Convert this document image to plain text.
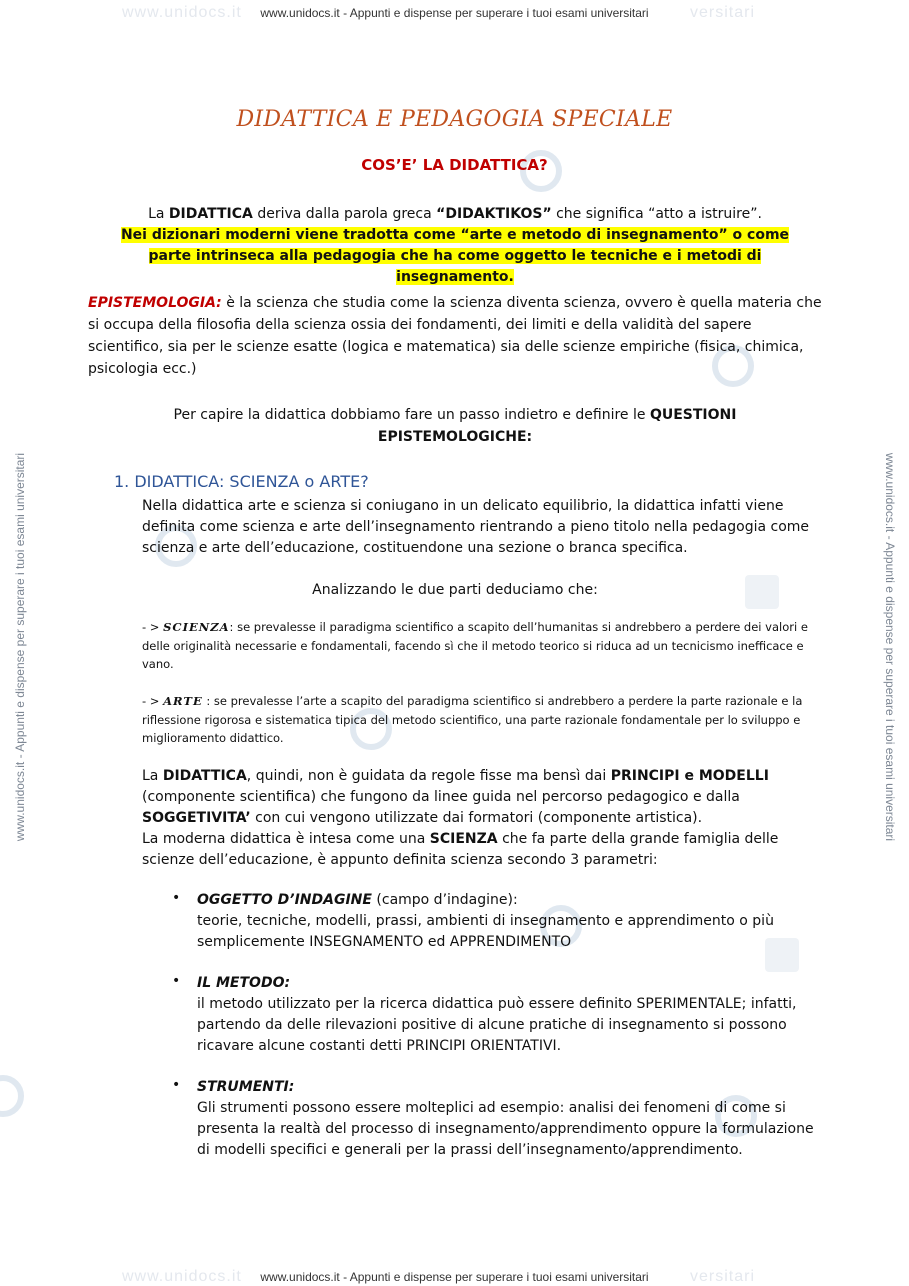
www.unidocs.it	versitari
www.unidocs.it - Appunti e dispense per superare i tuoi esami universitari
www.unidocs.it - Appunti e dispense per superare i tuoi esami universitari	www.unidocs.it - Appunti e dispense per superare i tuoi esami universitari
www.unidocs.it	versitari
www.unidocs.it - Appunti e dispense per superare i tuoi esami universitari
DIDATTICA E PEDAGOGIA SPECIALE
COS’E’ LA DIDATTICA?
La DIDATTICA deriva dalla parola greca “DIDAKTIKOS” che significa “atto a istruire”.
Nei dizionari moderni viene tradotta come “arte e metodo di insegnamento” o come parte intrinseca alla pedagogia che ha come oggetto le tecniche e i metodi di insegnamento.
EPISTEMOLOGIA: è la scienza che studia come la scienza diventa scienza, ovvero è quella materia che si occupa della filosofia della scienza ossia dei fondamenti, dei limiti e della validità del sapere scientifico, sia per le scienze esatte (logica e matematica) sia delle scienze empiriche (fisica, chimica, psicologia ecc.)
Per capire la didattica dobbiamo fare un passo indietro e definire le QUESTIONI EPISTEMOLOGICHE:
1. DIDATTICA: SCIENZA o ARTE?
Nella didattica arte e scienza si coniugano in un delicato equilibrio, la didattica infatti viene definita come scienza e arte dell’insegnamento rientrando a pieno titolo nella pedagogia come scienza e arte dell’educazione, costituendone una sezione o branca specifica.
Analizzando le due parti deduciamo che:
- > SCIENZA: se prevalesse il paradigma scientifico a scapito dell’humanitas si andrebbero a perdere dei valori e delle originalità necessarie e fondamentali, facendo sì che il metodo teorico si riduca ad un tecnicismo inefficace e vano.
- > ARTE : se prevalesse l’arte a scapito del paradigma scientifico si andrebbero a perdere la parte razionale e la riflessione rigorosa e sistematica tipica del metodo scientifico, una parte razionale fondamentale per lo sviluppo e miglioramento didattico.
La DIDATTICA, quindi, non è guidata da regole fisse ma bensì dai PRINCIPI e MODELLI (componente scientifica) che fungono da linee guida nel percorso pedagogico e dalla SOGGETIVITA’ con cui vengono utilizzate dai formatori (componente artistica).
La moderna didattica è intesa come una SCIENZA che fa parte della grande famiglia delle scienze dell’educazione, è appunto definita scienza secondo 3 parametri:
• OGGETTO D’INDAGINE (campo d’indagine):
teorie, tecniche, modelli, prassi, ambienti di insegnamento e apprendimento o più semplicemente INSEGNAMENTO ed APPRENDIMENTO
• IL METODO:
il metodo utilizzato per la ricerca didattica può essere definito SPERIMENTALE; infatti, partendo da delle rilevazioni positive di alcune pratiche di insegnamento si possono ricavare alcune costanti detti PRINCIPI ORIENTATIVI.
• STRUMENTI:
Gli strumenti possono essere molteplici ad esempio: analisi dei fenomeni di come si presenta la realtà del processo di insegnamento/apprendimento oppure la formulazione di modelli specifici e generali per la prassi dell’insegnamento/apprendimento.
